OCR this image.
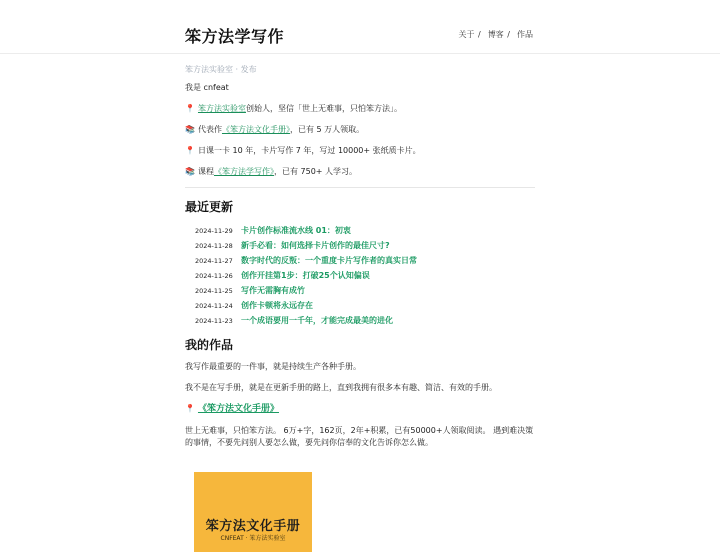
笨方法学写作	关于 / 博客 / 作品
笨方法实验室 · 发布
我是 cnfeat
📍 笨方法实验室创始人，坚信「世上无难事，只怕笨方法」。
📚 代表作《笨方法文化手册》，已有 5 万人领取。
📍 日课一卡 10 年，卡片写作 7 年，写过 10000+ 张纸质卡片。
📚 课程《笨方法学写作》，已有 750+ 人学习。
最近更新
2024-11-29	卡片创作标准流水线 01：初衷
2024-11-28	新手必看：如何选择卡片创作的最佳尺寸?
2024-11-27	数字时代的反叛：一个重度卡片写作者的真实日常
2024-11-26	创作开挂第1步：打破25个认知偏误
2024-11-25	写作无需胸有成竹
2024-11-24	创作卡顿将永远存在
2024-11-23	一个成语要用一千年，才能完成最美的进化
我的作品
我写作最重要的一件事，就是持续生产各种手册。
我不是在写手册，就是在更新手册的路上，直到我拥有很多本有趣、简洁、有效的手册。
📍 《笨方法文化手册》
世上无难事，只怕笨方法。 6万+字，162页，2年+积累，已有50000+人领取阅读。 遇到难决策的事情，不要先问别人要怎么做，要先问你信奉的文化告诉你怎么做。
笨方法文化手册
CNFEAT · 笨方法实验室
